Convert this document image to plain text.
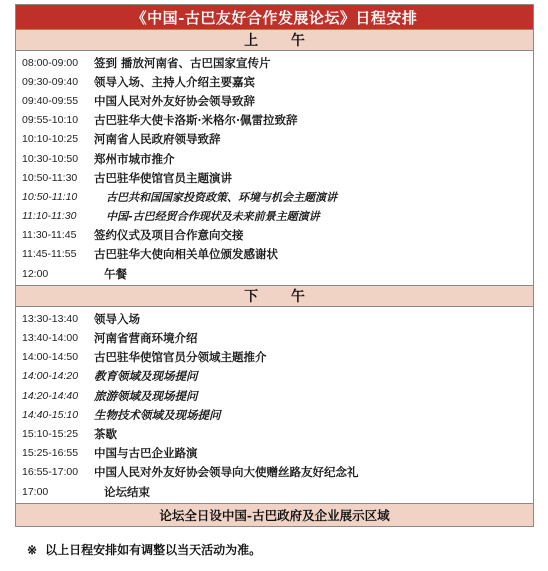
《中国-古巴友好合作发展论坛》日程安排
上 午
08:00-09:00	签到 播放河南省、古巴国家宣传片
09:30-09:40	领导入场、主持人介绍主要嘉宾
09:40-09:55	中国人民对外友好协会领导致辞
09:55-10:10	古巴驻华大使卡洛斯·米格尔·佩雷拉致辞
10:10-10:25	河南省人民政府领导致辞
10:30-10:50	郑州市城市推介
10:50-11:30	古巴驻华使馆官员主题演讲
10:50-11:10	古巴共和国国家投资政策、环境与机会主题演讲
11:10-11:30	中国-古巴经贸合作现状及未来前景主题演讲
11:30-11:45	签约仪式及项目合作意向交接
11:45-11:55	古巴驻华大使向相关单位颁发感谢状
12:00	午餐
下 午
13:30-13:40	领导入场
13:40-14:00	河南省营商环境介绍
14:00-14:50	古巴驻华使馆官员分领域主题推介
14:00-14:20	教育领域及现场提问
14:20-14:40	旅游领域及现场提问
14:40-15:10	生物技术领域及现场提问
15:10-15:25	茶歇
15:25-16:55	中国与古巴企业路演
16:55-17:00	中国人民对外友好协会领导向大使赠丝路友好纪念礼
17:00	论坛结束
论坛全日设中国-古巴政府及企业展示区域
※ 以上日程安排如有调整以当天活动为准。
